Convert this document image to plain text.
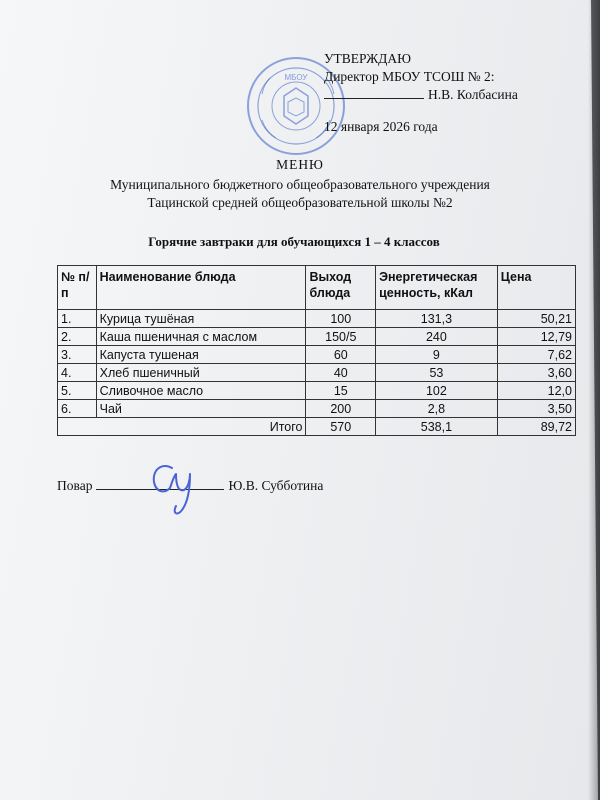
МБОУ
УТВЕРЖДАЮ
Директор МБОУ ТСОШ № 2:
Н.В. Колбасина
12 января 2026 года
МЕНЮ
Муниципального бюджетного общеобразовательного учреждения
Тацинской средней общеобразовательной школы №2
Горячие завтраки для обучающихся 1 – 4 классов
№ п/п	Наименование блюда	Выход блюда	Энергетическая ценность, кКал	Цена
1.	Курица тушёная	100	131,3	50,21
2.	Каша пшеничная с маслом	150/5	240	12,79
3.	Капуста тушеная	60	9	7,62
4.	Хлеб пшеничный	40	53	3,60
5.	Сливочное масло	15	102	12,0
6.	Чай	200	2,8	3,50
Итого		570	538,1	89,72
Повар	Ю.В. Субботина
